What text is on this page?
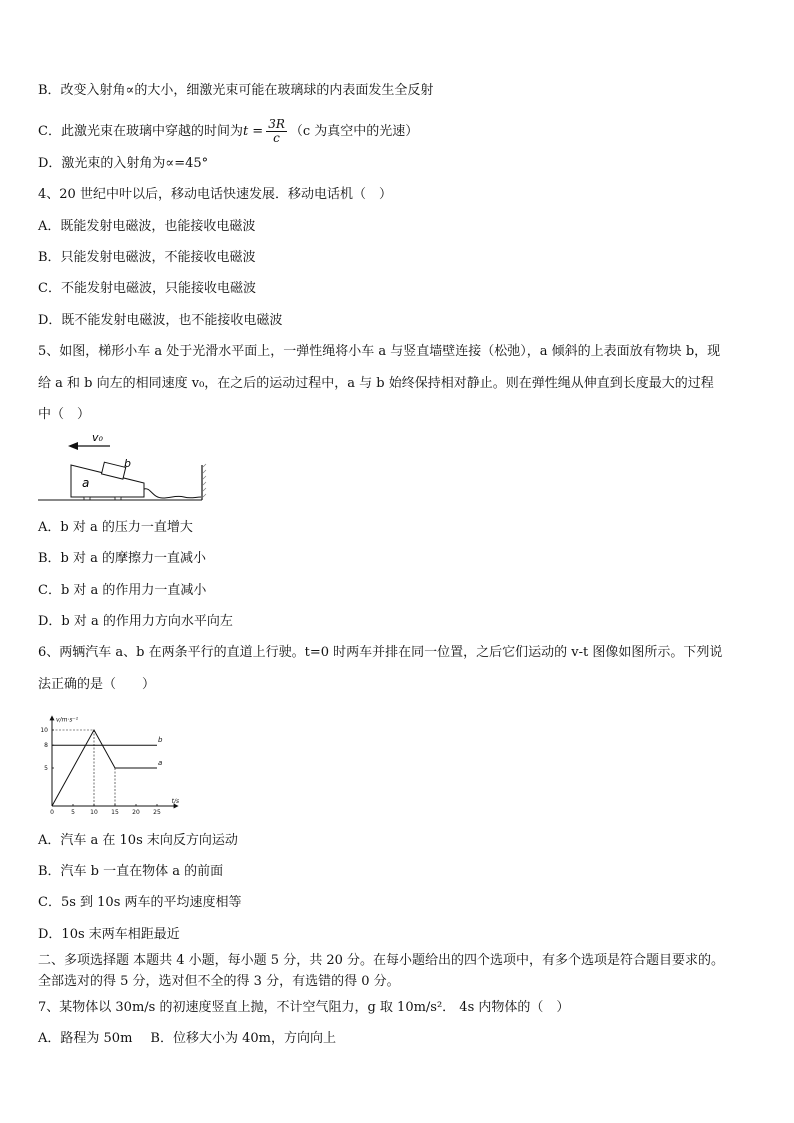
B．改变入射角∝的大小，细激光束可能在玻璃球的内表面发生全反射
C．此激光束在玻璃中穿越的时间为$t = \frac{3R}{c} (c$ 为真空中的光速）
D．激光束的入射角为∝=45°
4、20 世纪中叶以后，移动电话快速发展．移动电话机（　）
A．既能发射电磁波，也能接收电磁波
B．只能发射电磁波，不能接收电磁波
C．不能发射电磁波，只能接收电磁波
D．既不能发射电磁波，也不能接收电磁波
5、如图，梯形小车 a 处于光滑水平面上，一弹性绳将小车 a 与竖直墙壁连接（松弛），a 倾斜的上表面放有物块 b，现
给 a 和 b 向左的相同速度 v₀，在之后的运动过程中，a 与 b 始终保持相对静止。则在弹性绳从伸直到长度最大的过程
中（　）
v₀
b
a
A．b 对 a 的压力一直增大
B．b 对 a 的摩擦力一直减小
C．b 对 a 的作用力一直减小
D．b 对 a 的作用力方向水平向左
6、两辆汽车 a、b 在两条平行的直道上行驶。t=0 时两车并排在同一位置，之后它们运动的 v-t 图像如图所示。下列说
法正确的是（　　）
v/m·s⁻¹
t/s
0	5	10 15 20 25
5
8
10
a
b
A．汽车 a 在 10s 末向反方向运动
B．汽车 b 一直在物体 a 的前面
C．5s 到 10s 两车的平均速度相等
D．10s 末两车相距最近
二、多项选择题 本题共 4 小题，每小题 5 分，共 20 分。在每小题给出的四个选项中，有多个选项是符合题目要求的。
全部选对的得 5 分，选对但不全的得 3 分，有选错的得 0 分。
7、某物体以 30m/s 的初速度竖直上抛，不计空气阻力，g 取 10m/s²． 4s 内物体的（　）
A．路程为 50m B．位移大小为 40m，方向向上
